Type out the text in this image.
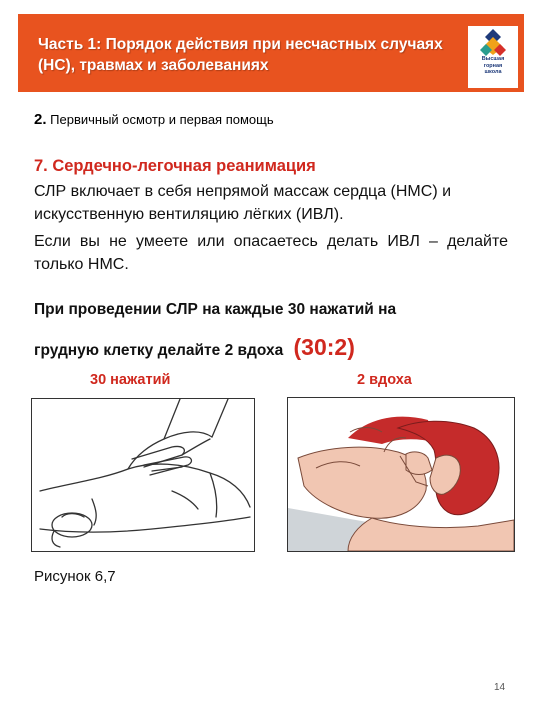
Часть 1: Порядок действия при несчастных случаях (НС), травмах и заболеваниях	Высшая
горная
школа
2. Первичный осмотр и первая помощь
7. Сердечно-легочная реанимация
СЛР включает в себя непрямой массаж сердца (НМС) и искусственную вентиляцию лёгких (ИВЛ).
Если вы не умеете или опасаетесь делать ИВЛ – делайте только НМС.
При проведении СЛР на каждые 30 нажатий на
грудную клетку делайте 2 вдоха (30:2)
30 нажатий	2 вдоха
Рисунок 6,7
14
